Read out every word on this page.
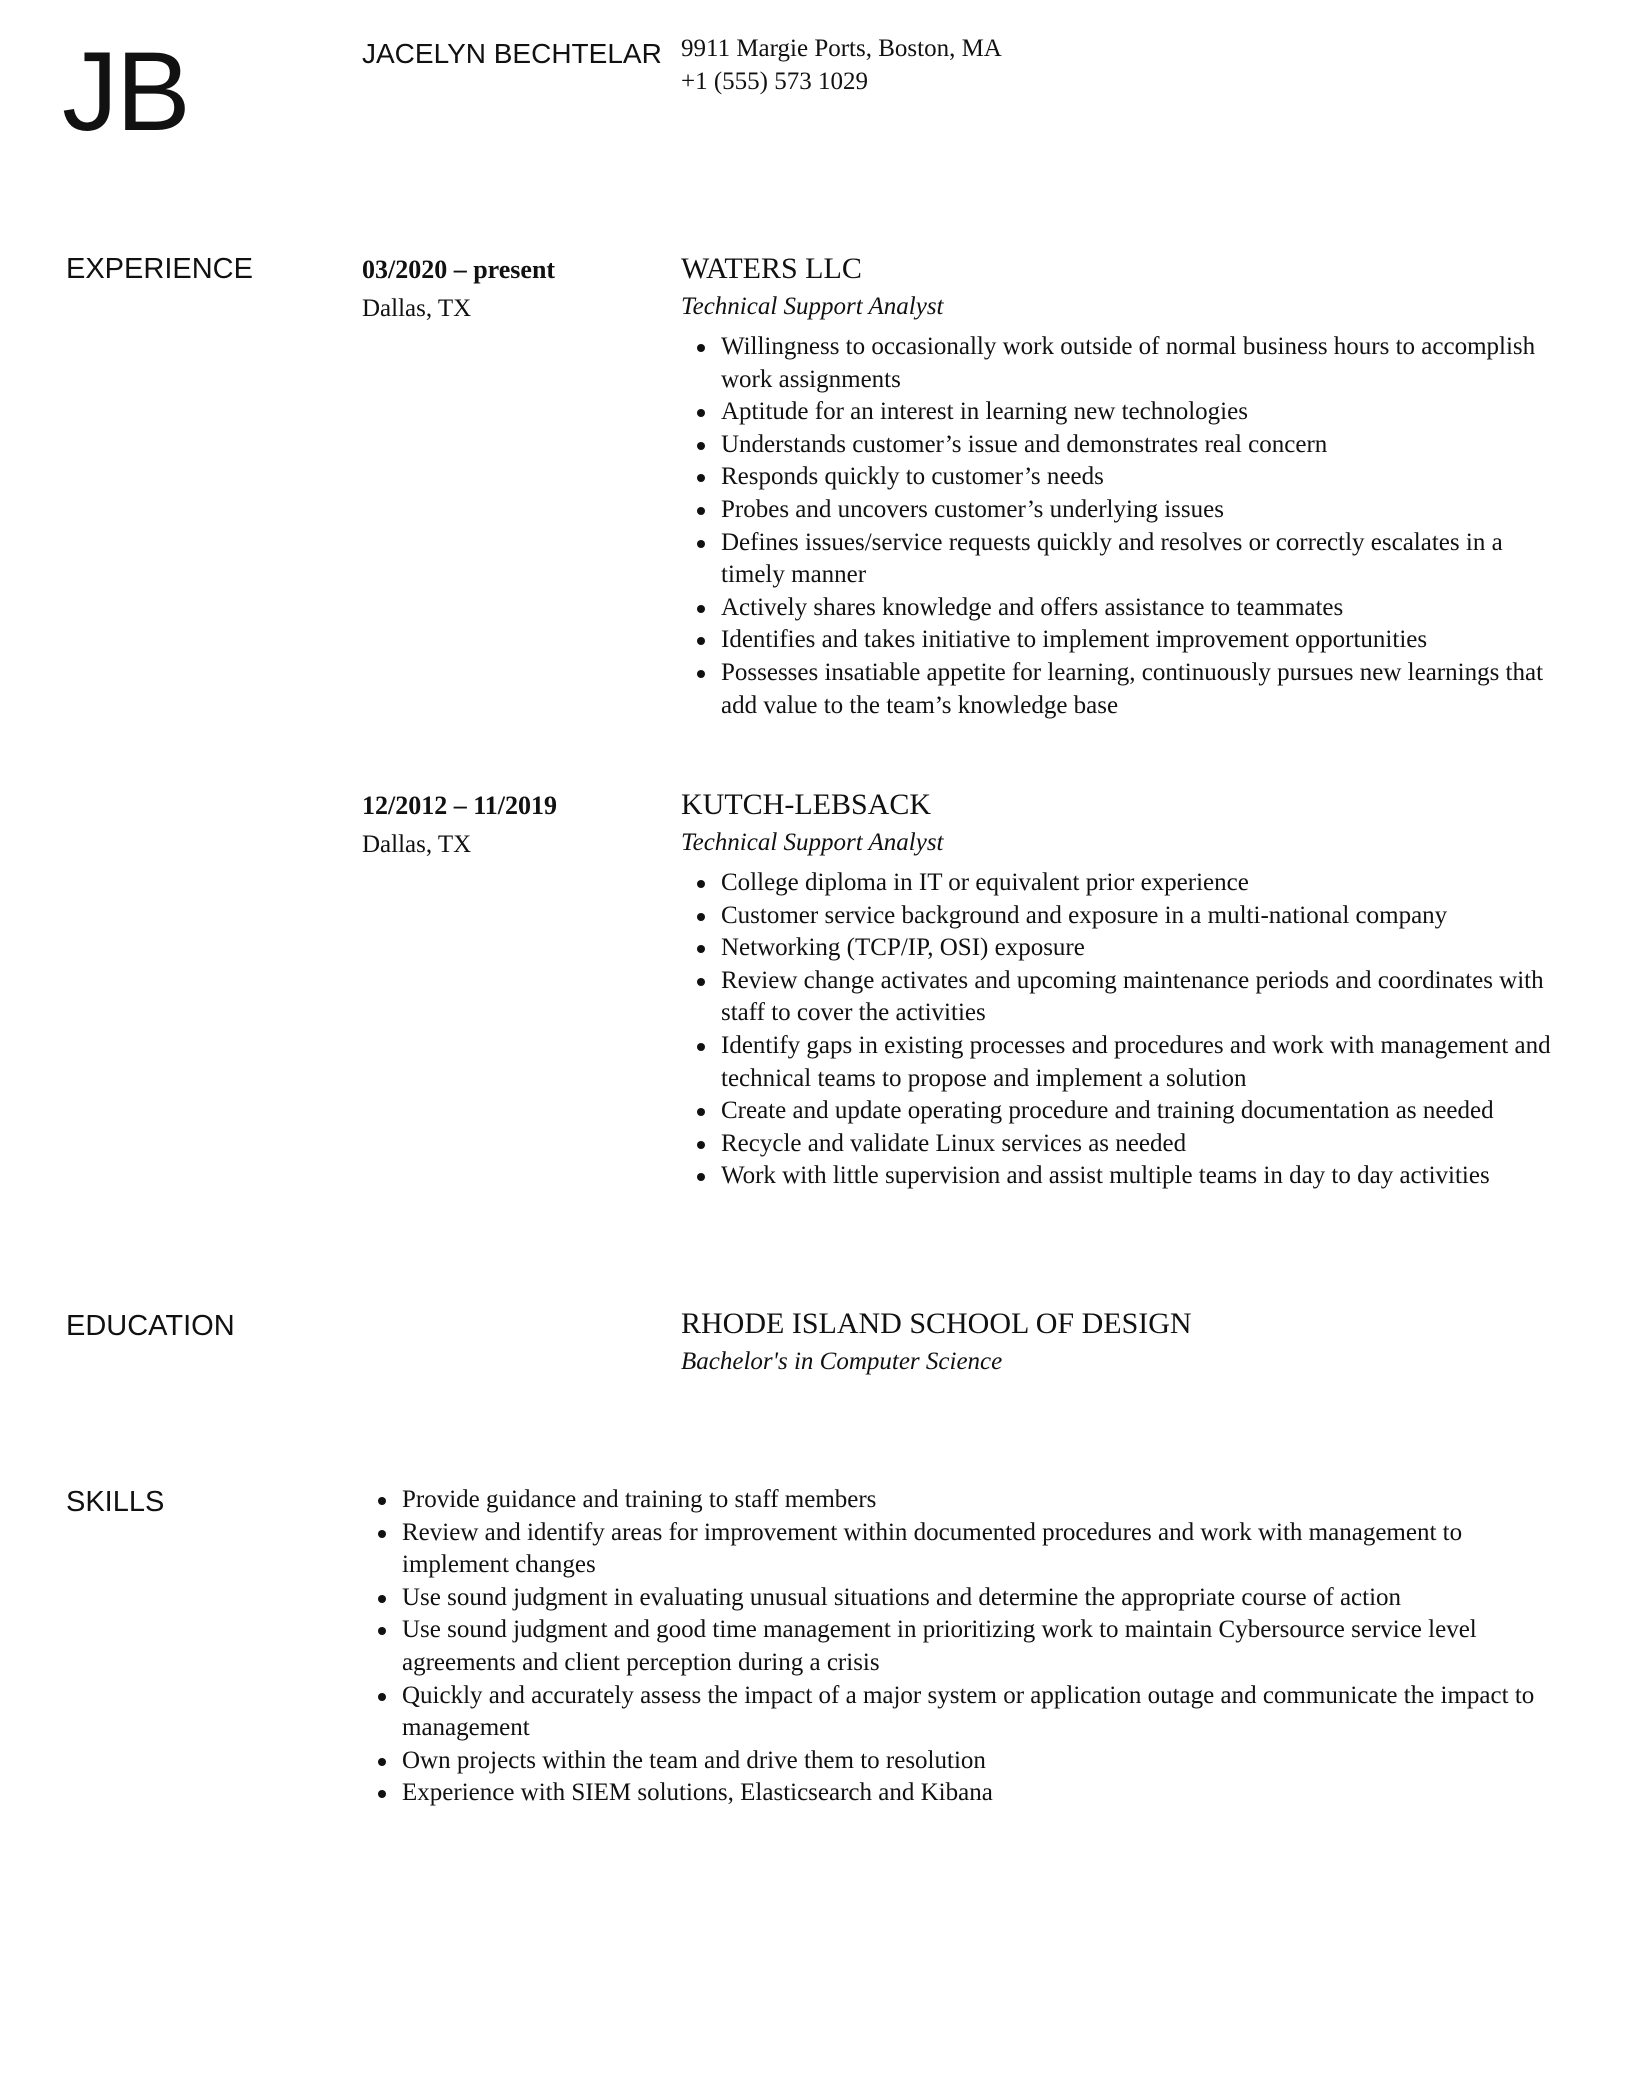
JB	JACELYN BECHTELAR 9911 Margie Ports, Boston, MA
+1 (555) 573 1029
EXPERIENCE	03/2020 – present
Dallas, TX
WATERS LLC
Technical Support Analyst
Willingness to occasionally work outside of normal business hours to accomplish work assignments
Aptitude for an interest in learning new technologies
Understands customer’s issue and demonstrates real concern
Responds quickly to customer’s needs
Probes and uncovers customer’s underlying issues
Defines issues/service requests quickly and resolves or correctly escalates in a timely manner
Actively shares knowledge and offers assistance to teammates
Identifies and takes initiative to implement improvement opportunities
Possesses insatiable appetite for learning, continuously pursues new learnings that add value to the team’s knowledge base
12/2012 – 11/2019
Dallas, TX
KUTCH-LEBSACK
Technical Support Analyst
College diploma in IT or equivalent prior experience
Customer service background and exposure in a multi-national company
Networking (TCP/IP, OSI) exposure
Review change activates and upcoming maintenance periods and coordinates with staff to cover the activities
Identify gaps in existing processes and procedures and work with management and technical teams to propose and implement a solution
Create and update operating procedure and training documentation as needed
Recycle and validate Linux services as needed
Work with little supervision and assist multiple teams in day to day activities
EDUCATION	RHODE ISLAND SCHOOL OF DESIGN
Bachelor's in Computer Science
SKILLS	Provide guidance and training to staff members
Review and identify areas for improvement within documented procedures and work with management to implement changes
Use sound judgment in evaluating unusual situations and determine the appropriate course of action
Use sound judgment and good time management in prioritizing work to maintain Cybersource service level agreements and client perception during a crisis
Quickly and accurately assess the impact of a major system or application outage and communicate the impact to management
Own projects within the team and drive them to resolution
Experience with SIEM solutions, Elasticsearch and Kibana
